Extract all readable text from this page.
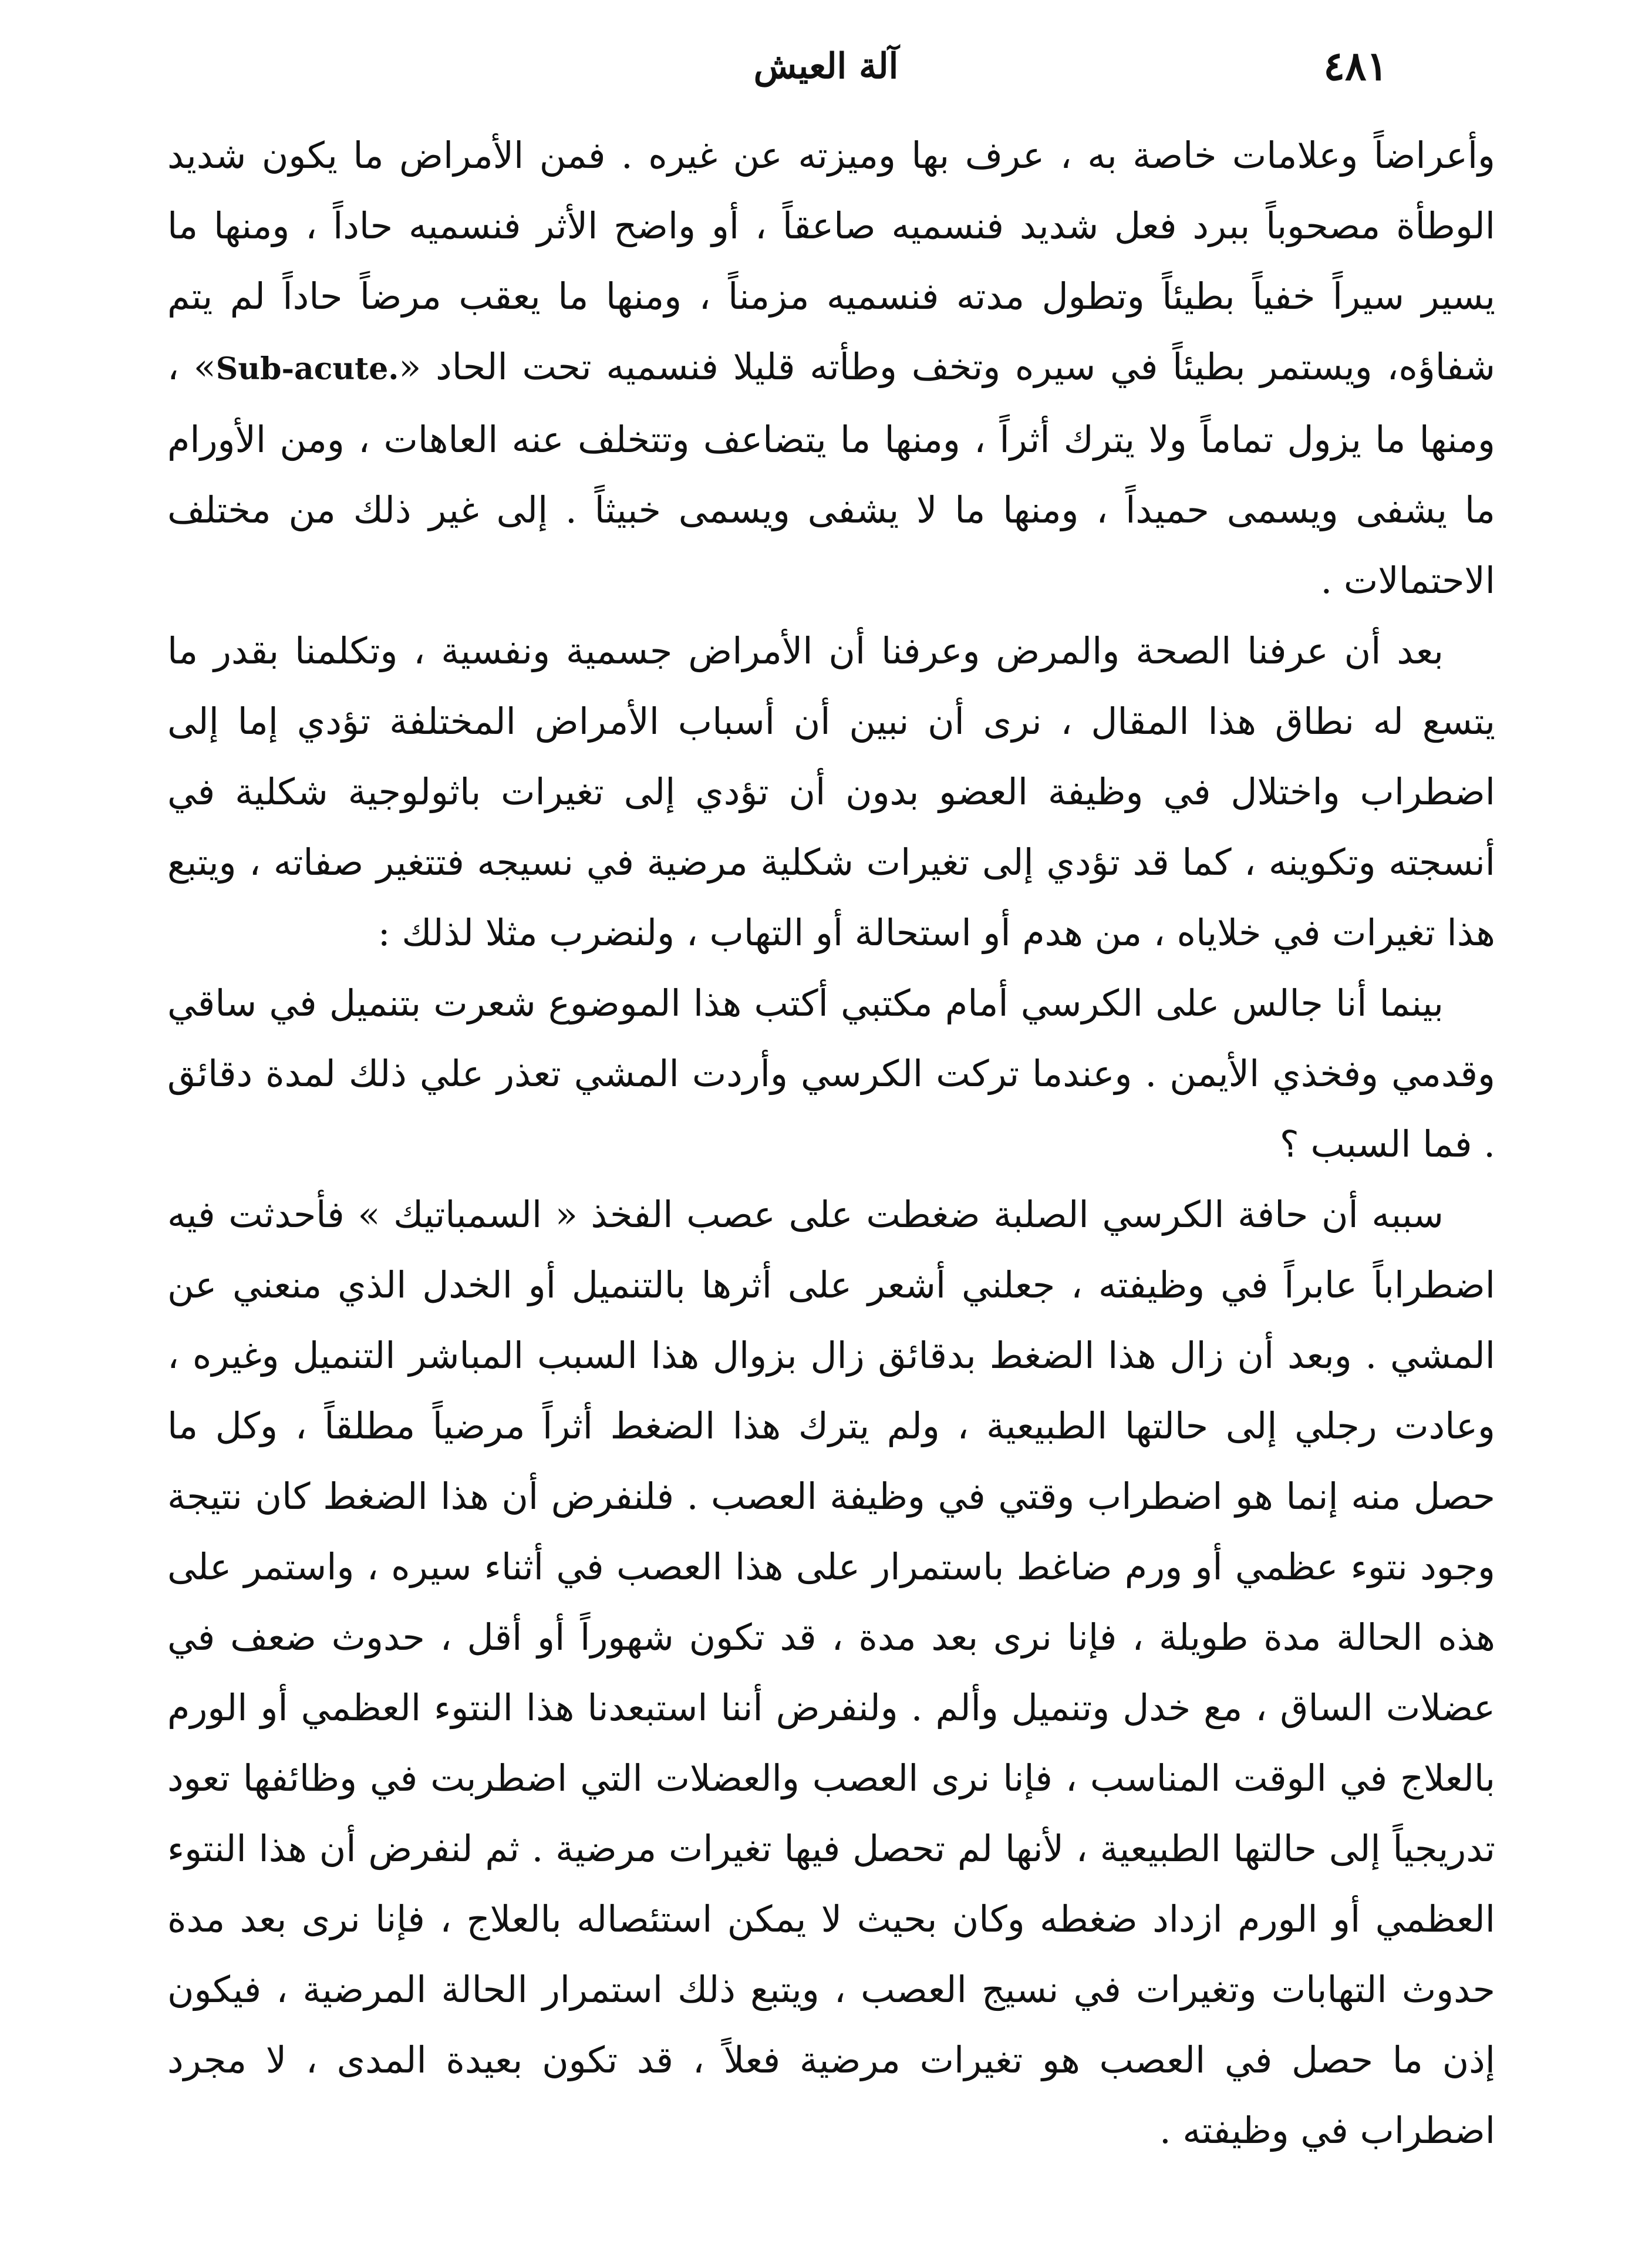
٤٨١
آلة العيش

وأعراضاً وعلامات خاصة به ، عرف بها وميزته عن غيره . فمن الأمراض ما يكون شديد الوطأة مصحوباً ببرد فعل شديد فنسميه صاعقاً ، أو واضح الأثر فنسميه حاداً ، ومنها ما يسير سيراً خفياً بطيئاً وتطول مدته فنسميه مزمناً ، ومنها ما يعقب مرضاً حاداً لم يتم شفاؤه، ويستمر بطيئاً في سيره وتخف وطأته قليلا فنسميه تحت الحاد «Sub-acute.» ، ومنها ما يزول تماماً ولا يترك أثراً ، ومنها ما يتضاعف وتتخلف عنه العاهات ، ومن الأورام ما يشفى ويسمى حميداً ، ومنها ما لا يشفى ويسمى خبيثاً . إلى غير ذلك من مختلف الاحتمالات .

بعد أن عرفنا الصحة والمرض وعرفنا أن الأمراض جسمية ونفسية ، وتكلمنا بقدر ما يتسع له نطاق هذا المقال ، نرى أن نبين أن أسباب الأمراض المختلفة تؤدي إما إلى اضطراب واختلال في وظيفة العضو بدون أن تؤدي إلى تغيرات باثولوجية شكلية في أنسجته وتكوينه ، كما قد تؤدي إلى تغيرات شكلية مرضية في نسيجه فتتغير صفاته ، ويتبع هذا تغيرات في خلاياه ، من هدم أو استحالة أو التهاب ، ولنضرب مثلا لذلك :

بينما أنا جالس على الكرسي أمام مكتبي أكتب هذا الموضوع شعرت بتنميل في ساقي وقدمي وفخذي الأيمن . وعندما تركت الكرسي وأردت المشي تعذر علي ذلك لمدة دقائق . فما السبب ؟

سببه أن حافة الكرسي الصلبة ضغطت على عصب الفخذ « السمباتيك » فأحدثت فيه اضطراباً عابراً في وظيفته ، جعلني أشعر على أثرها بالتنميل أو الخدل الذي منعني عن المشي . وبعد أن زال هذا الضغط بدقائق زال بزوال هذا السبب المباشر التنميل وغيره ، وعادت رجلي إلى حالتها الطبيعية ، ولم يترك هذا الضغط أثراً مرضياً مطلقاً ، وكل ما حصل منه إنما هو اضطراب وقتي في وظيفة العصب . فلنفرض أن هذا الضغط كان نتيجة وجود نتوء عظمي أو ورم ضاغط باستمرار على هذا العصب في أثناء سيره ، واستمر على هذه الحالة مدة طويلة ، فإنا نرى بعد مدة ، قد تكون شهوراً أو أقل ، حدوث ضعف في عضلات الساق ، مع خدل وتنميل وألم . ولنفرض أننا استبعدنا هذا النتوء العظمي أو الورم بالعلاج في الوقت المناسب ، فإنا نرى العصب والعضلات التي اضطربت في وظائفها تعود تدريجياً إلى حالتها الطبيعية ، لأنها لم تحصل فيها تغيرات مرضية . ثم لنفرض أن هذا النتوء العظمي أو الورم ازداد ضغطه وكان بحيث لا يمكن استئصاله بالعلاج ، فإنا نرى بعد مدة حدوث التهابات وتغيرات في نسيج العصب ، ويتبع ذلك استمرار الحالة المرضية ، فيكون إذن ما حصل في العصب هو تغيرات مرضية فعلاً ، قد تكون بعيدة المدى ، لا مجرد اضطراب في وظيفته .
